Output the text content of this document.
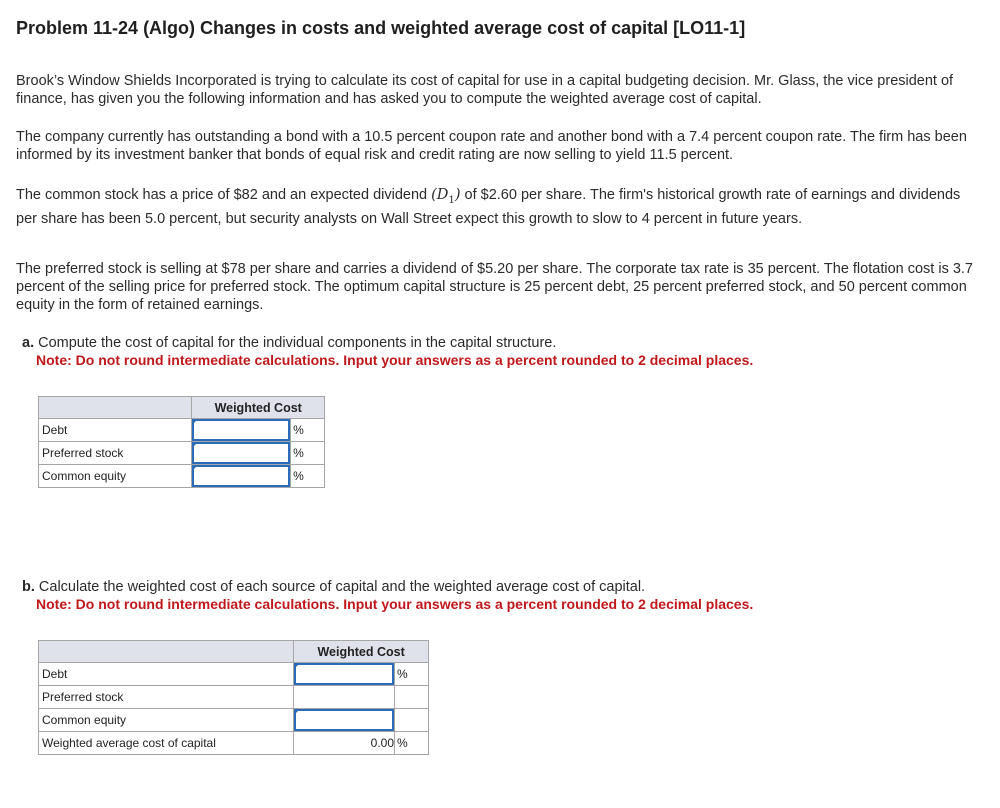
Problem 11-24 (Algo) Changes in costs and weighted average cost of capital [LO11-1]
Brook’s Window Shields Incorporated is trying to calculate its cost of capital for use in a capital budgeting decision. Mr. Glass, the vice president of finance, has given you the following information and has asked you to compute the weighted average cost of capital.
The company currently has outstanding a bond with a 10.5 percent coupon rate and another bond with a 7.4 percent coupon rate. The firm has been informed by its investment banker that bonds of equal risk and credit rating are now selling to yield 11.5 percent.
The common stock has a price of $82 and an expected dividend $(D_1)$ of $2.60 per share. The firm's historical growth rate of earnings and dividends per share has been 5.0 percent, but security analysts on Wall Street expect this growth to slow to 4 percent in future years.
The preferred stock is selling at $78 per share and carries a dividend of $5.20 per share. The corporate tax rate is 35 percent. The flotation cost is 3.7 percent of the selling price for preferred stock. The optimum capital structure is 25 percent debt, 25 percent preferred stock, and 50 percent common equity in the form of retained earnings.
a. Compute the cost of capital for the individual components in the capital structure.
Note: Do not round intermediate calculations. Input your answers as a percent rounded to 2 decimal places.
	Weighted Cost	
Debt		%
Preferred stock		%
Common equity		%
b. Calculate the weighted cost of each source of capital and the weighted average cost of capital.
Note: Do not round intermediate calculations. Input your answers as a percent rounded to 2 decimal places.
	Weighted Cost	
Debt		%
Preferred stock		
Common equity	

Weighted average cost of capital	0.00	%
